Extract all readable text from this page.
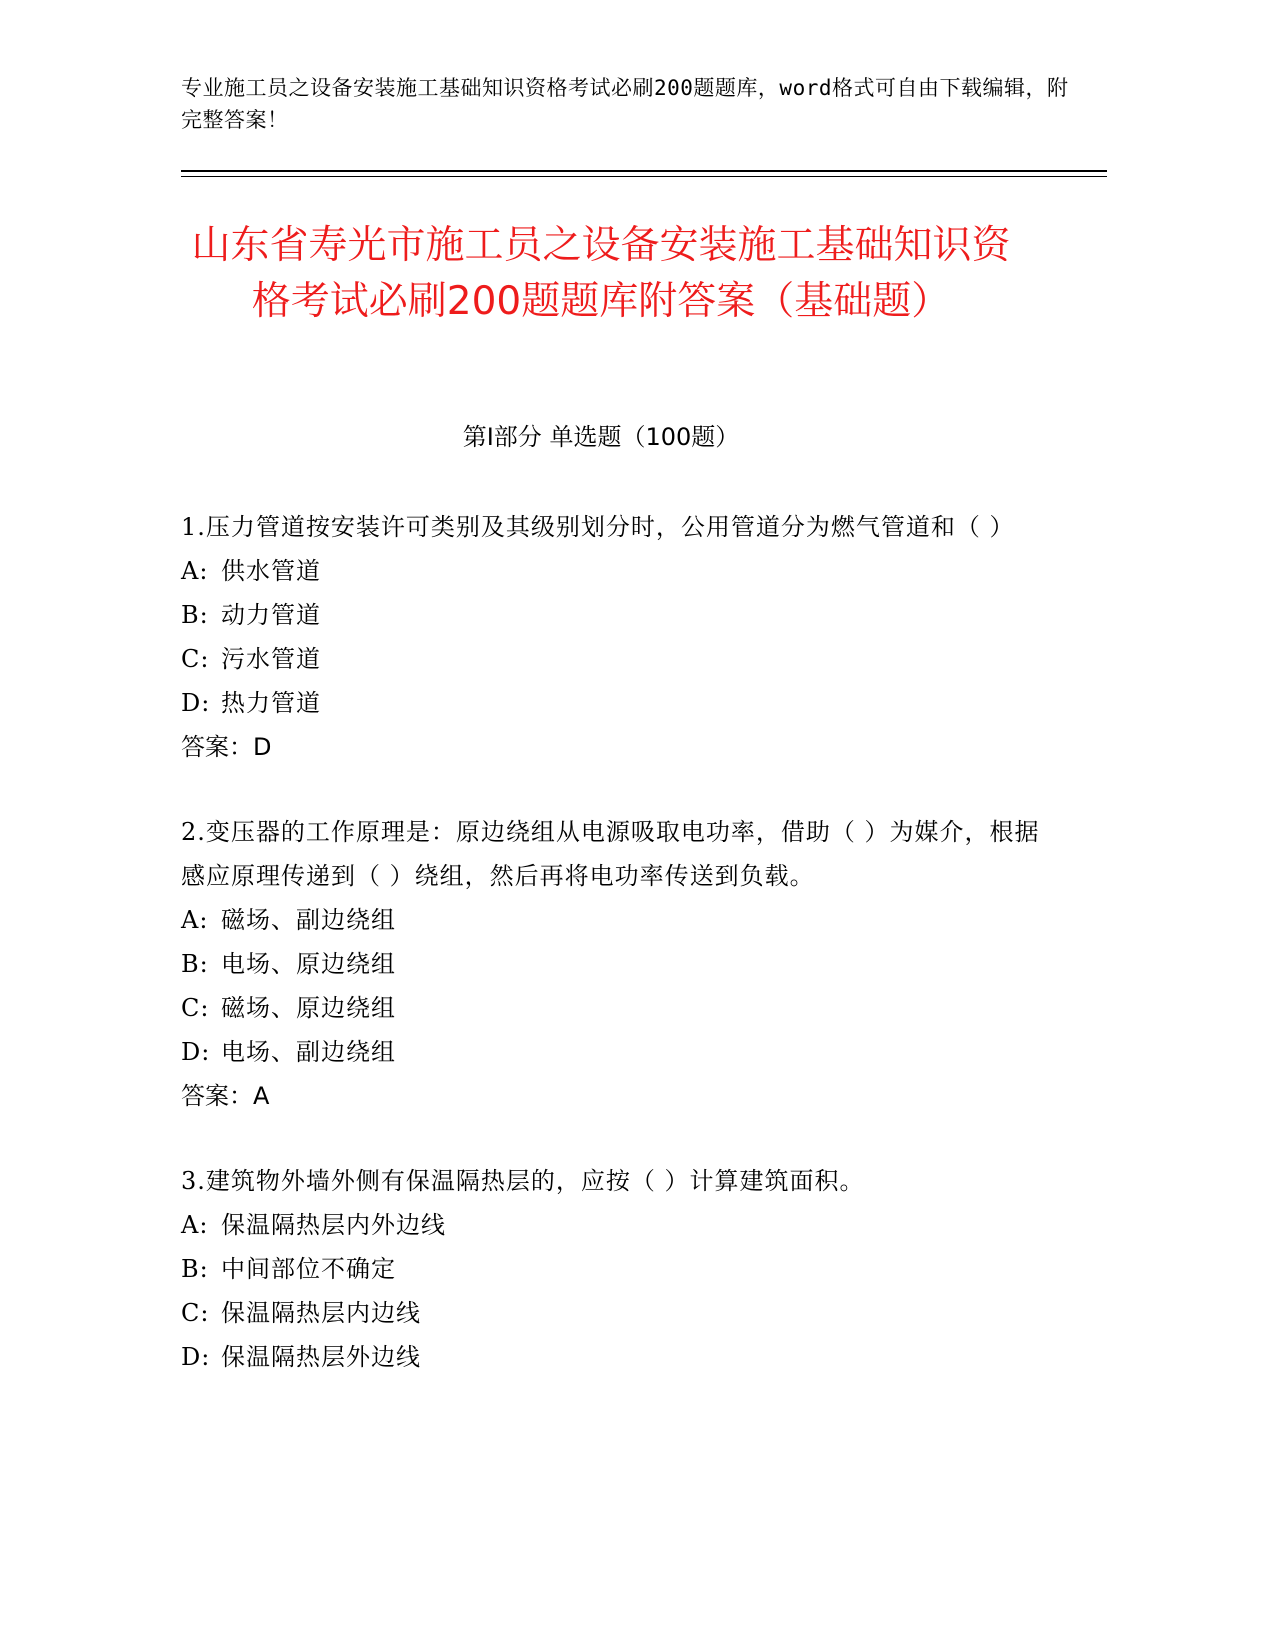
专业施工员之设备安装施工基础知识资格考试必刷200题题库，word格式可自由下载编辑，附完整答案！
山东省寿光市施工员之设备安装施工基础知识资格考试必刷200题题库附答案（基础题）
第I部分 单选题（100题）
1.压力管道按安装许可类别及其级别划分时，公用管道分为燃气管道和（ ）
A: 供水管道
B: 动力管道
C: 污水管道
D: 热力管道
答案：D
2.变压器的工作原理是：原边绕组从电源吸取电功率，借助（ ）为媒介，根据感应原理传递到（ ）绕组，然后再将电功率传送到负载。
A: 磁场、副边绕组
B: 电场、原边绕组
C: 磁场、原边绕组
D: 电场、副边绕组
答案：A
3.建筑物外墙外侧有保温隔热层的，应按（ ）计算建筑面积。
A: 保温隔热层内外边线
B: 中间部位不确定
C: 保温隔热层内边线
D: 保温隔热层外边线
